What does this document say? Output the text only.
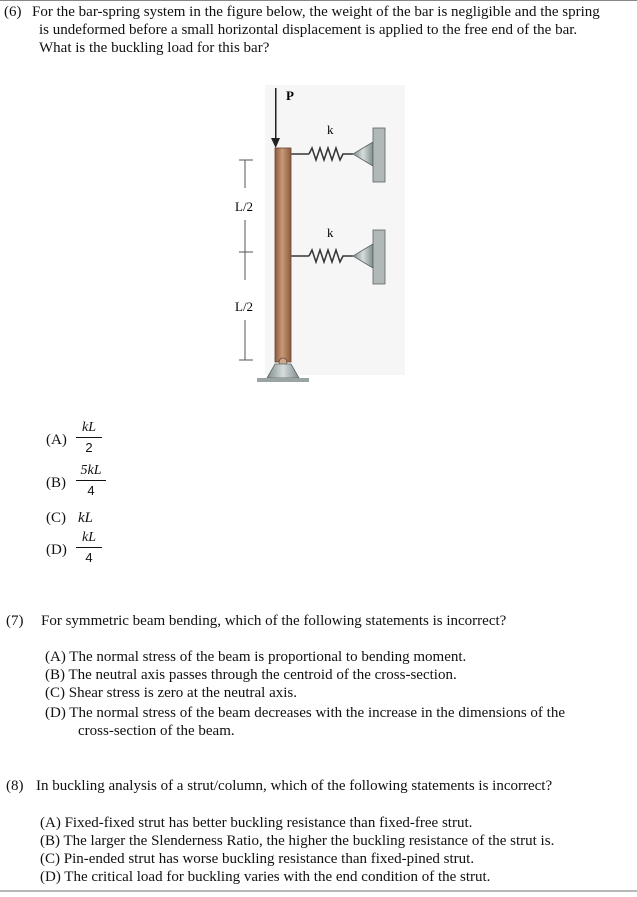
(6) For the bar-spring system in the figure below, the weight of the bar is negligible and the spring
is undeformed before a small horizontal displacement is applied to the free end of the bar.
What is the buckling load for this bar?
P
L/2
L/2
k
k
(A)
kL
2
(B)
5kL
4
(C) kL
(D)
kL
4
(7) For symmetric beam bending, which of the following statements is incorrect?
(A) The normal stress of the beam is proportional to bending moment.
(B) The neutral axis passes through the centroid of the cross-section.
(C) Shear stress is zero at the neutral axis.
(D) The normal stress of the beam decreases with the increase in the dimensions of the
cross-section of the beam.
(8) In buckling analysis of a strut/column, which of the following statements is incorrect?
(A) Fixed-fixed strut has better buckling resistance than fixed-free strut.
(B) The larger the Slenderness Ratio, the higher the buckling resistance of the strut is.
(C) Pin-ended strut has worse buckling resistance than fixed-pined strut.
(D) The critical load for buckling varies with the end condition of the strut.
